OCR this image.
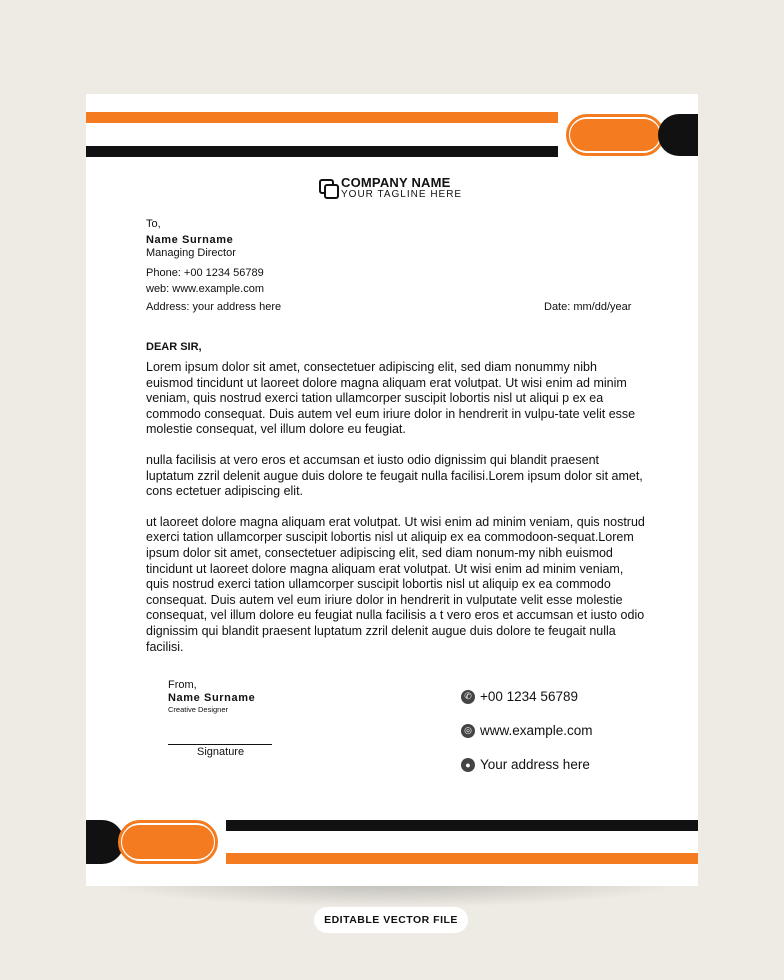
COMPANY NAME
YOUR TAGLINE HERE
To,
Name Surname
Managing Director
Phone: +00 1234 56789
web: www.example.com
Address: your address here	Date: mm/dd/year
DEAR SIR,

Lorem ipsum dolor sit amet, consectetuer adipiscing elit, sed diam nonummy nibh euismod tincidunt ut laoreet dolore magna aliquam erat volutpat. Ut wisi enim ad minim veniam, quis nostrud exerci tation ullamcorper suscipit lobortis nisl ut aliqui p ex ea commodo consequat. Duis autem vel eum iriure dolor in hendrerit in vulpu-tate velit esse molestie consequat, vel illum dolore eu feugiat.

nulla facilisis at vero eros et accumsan et iusto odio dignissim qui blandit praesent luptatum zzril delenit augue duis dolore te feugait nulla facilisi.Lorem ipsum dolor sit amet, cons ectetuer adipiscing elit.

ut laoreet dolore magna aliquam erat volutpat. Ut wisi enim ad minim veniam, quis nostrud exerci tation ullamcorper suscipit lobortis nisl ut aliquip ex ea commodoon-sequat.Lorem ipsum dolor sit amet, consectetuer adipiscing elit, sed diam nonum-my nibh euismod tincidunt ut laoreet dolore magna aliquam erat volutpat. Ut wisi enim ad minim veniam, quis nostrud exerci tation ullamcorper suscipit lobortis nisl ut aliquip ex ea commodo consequat. Duis autem vel eum iriure dolor in hendrerit in vulputate velit esse molestie consequat, vel illum dolore eu feugiat nulla facilisis a t vero eros et accumsan et iusto odio dignissim qui blandit praesent luptatum zzril delenit augue duis dolore te feugait nulla facilisi.

From,
Name Surname
Creative Designer
Signature
✆ +00 1234 56789
◎ www.example.com
● Your address here
EDITABLE VECTOR FILE
